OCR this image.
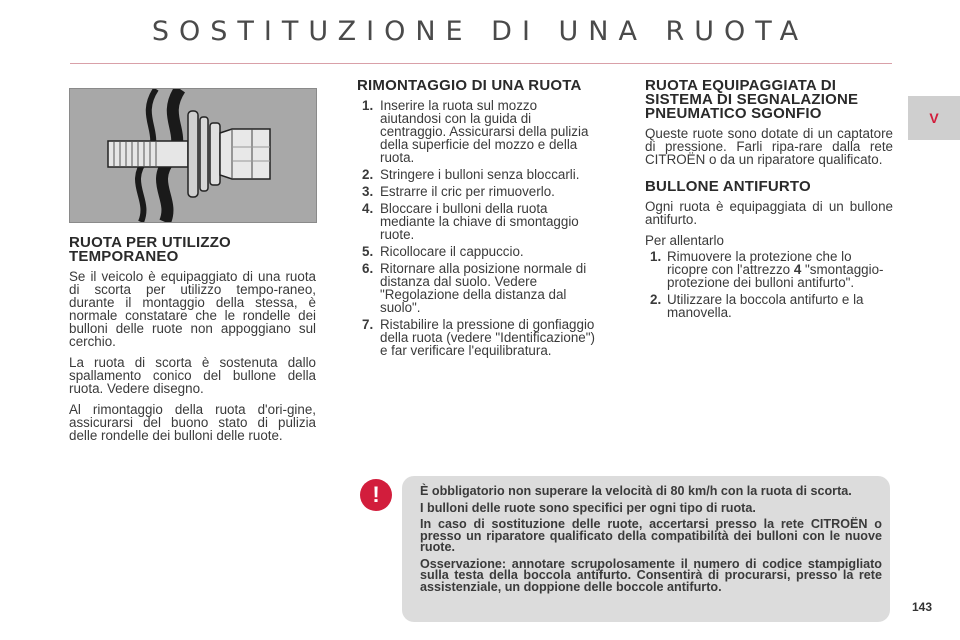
SOSTITUZIONE DI UNA RUOTA
V
RUOTA PER UTILIZZO TEMPORANEO

Se il veicolo è equipaggiato di una ruota di scorta per utilizzo tempo-raneo, durante il montaggio della stessa, è normale constatare che le rondelle dei bulloni delle ruote non appoggiano sul cerchio.

La ruota di scorta è sostenuta dallo spallamento conico del bullone della ruota. Vedere disegno.

Al rimontaggio della ruota d'ori-gine, assicurarsi del buono stato di pulizia delle rondelle dei bulloni delle ruote.

RIMONTAGGIO DI UNA RUOTA
1. Inserire la ruota sul mozzo aiutandosi con la guida di centraggio. Assicurarsi della pulizia della superficie del mozzo e della ruota.
2. Stringere i bulloni senza bloccarli.
3. Estrarre il cric per rimuoverlo.
4. Bloccare i bulloni della ruota mediante la chiave di smontaggio ruote.
5. Ricollocare il cappuccio.
6. Ritornare alla posizione normale di distanza dal suolo. Vedere "Regolazione della distanza dal suolo".
7. Ristabilire la pressione di gonfiaggio della ruota (vedere "Identificazione") e far verificare l'equilibratura.
RUOTA EQUIPAGGIATA DI SISTEMA DI SEGNALAZIONE PNEUMATICO SGONFIO

Queste ruote sono dotate di un captatore di pressione. Farli ripa-rare dalla rete CITROËN o da un riparatore qualificato.

BULLONE ANTIFURTO

Ogni ruota è equipaggiata di un bullone antifurto.

Per allentarlo

1. Rimuovere la protezione che lo ricopre con l'attrezzo 4 "smontaggio-protezione dei bulloni antifurto".
2. Utilizzare la boccola antifurto e la manovella.
!	È obbligatorio non superare la velocità di 80 km/h con la ruota di scorta.

I bulloni delle ruote sono specifici per ogni tipo di ruota.

In caso di sostituzione delle ruote, accertarsi presso la rete CITROËN o presso un riparatore qualificato della compatibilità dei bulloni con le nuove ruote.

Osservazione: annotare scrupolosamente il numero di codice stampigliato sulla testa della boccola antifurto. Consentirà di procurarsi, presso la rete assistenziale, un doppione delle boccole antifurto.

143
